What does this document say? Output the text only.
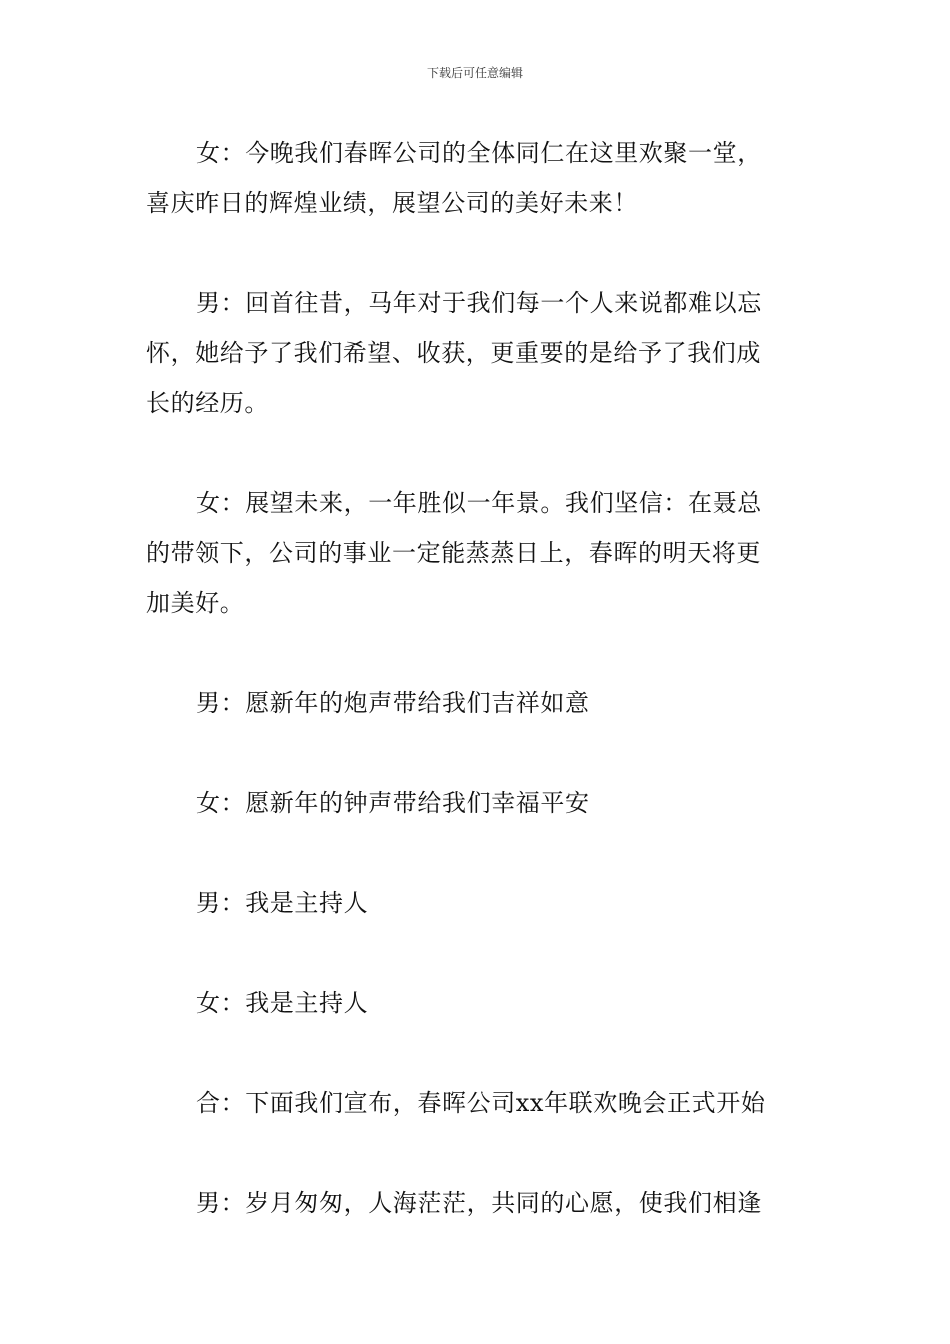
下载后可任意编辑

女：今晚我们春晖公司的全体同仁在这里欢聚一堂，
喜庆昨日的辉煌业绩，展望公司的美好未来！

男：回首往昔，马年对于我们每一个人来说都难以忘
怀，她给予了我们希望、收获，更重要的是给予了我们成
长的经历。

女：展望未来，一年胜似一年景。我们坚信：在聂总
的带领下，公司的事业一定能蒸蒸日上，春晖的明天将更
加美好。

男：愿新年的炮声带给我们吉祥如意

女：愿新年的钟声带给我们幸福平安

男：我是主持人

女：我是主持人

合：下面我们宣布，春晖公司xx年联欢晚会正式开始

男：岁月匆匆，人海茫茫，共同的心愿，使我们相逢
